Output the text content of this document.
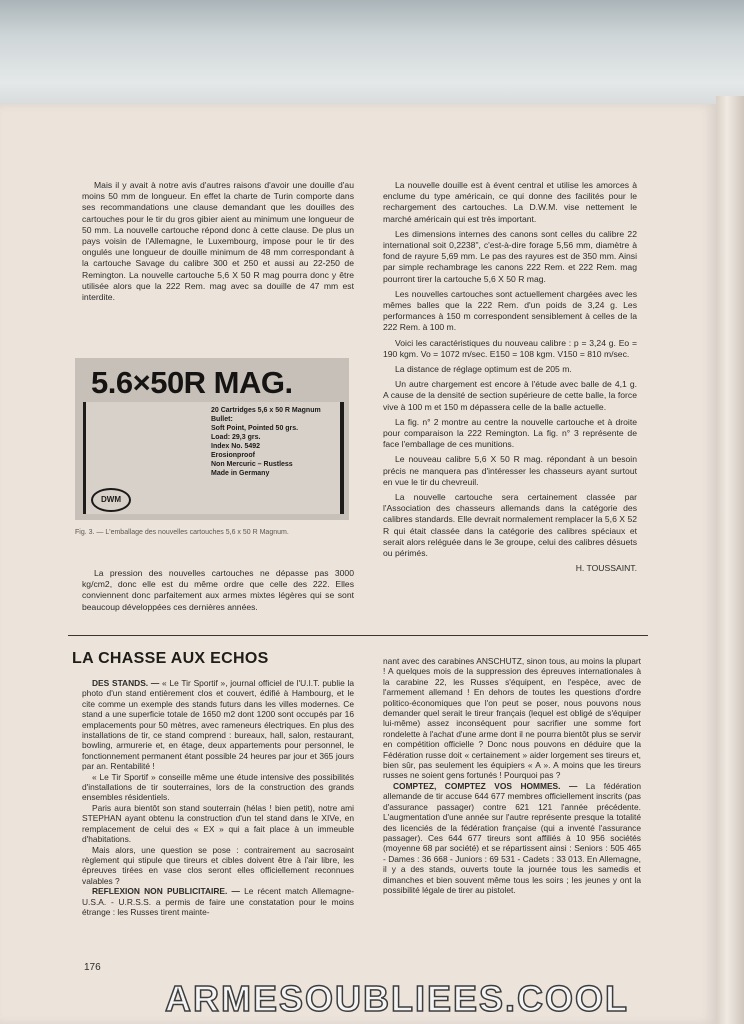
Mais il y avait à notre avis d'autres raisons d'avoir une douille d'au moins 50 mm de longueur. En effet la charte de Turin comporte dans ses recommandations une clause demandant que les douilles des cartouches pour le tir du gros gibier aient au minimum une longueur de 50 mm. La nouvelle cartouche répond donc à cette clause. De plus un pays voisin de l'Allemagne, le Luxembourg, impose pour le tir des ongulés une longueur de douille minimum de 48 mm correspondant à la cartouche Savage du calibre 300 et 250 et aussi au 22-250 de Remington. La nouvelle cartouche 5,6 X 50 R mag pourra donc y être utilisée alors que la 222 Rem. mag avec sa douille de 47 mm est interdite.

5.6×50R MAG.
20 Cartridges 5,6 x 50 R Magnum
Bullet:
Soft Point, Pointed 50 grs.
Load: 29,3 grs.
Index No. 5492
Erosionproof
Non Mercuric – Rustless
Made in Germany
DWM
Fig. 3. — L'emballage des nouvelles cartouches 5,6 x 50 R Magnum.

La pression des nouvelles cartouches ne dépasse pas 3000 kg/cm2, donc elle est du même ordre que celle des 222. Elles conviennent donc parfaitement aux armes mixtes légères qui se sont beaucoup développées ces dernières années.

La nouvelle douille est à évent central et utilise les amorces à enclume du type américain, ce qui donne des facilités pour le rechargement des cartouches. La D.W.M. vise nettement le marché américain qui est très important.

Les dimensions internes des canons sont celles du calibre 22 international soit 0,2238", c'est-à-dire forage 5,56 mm, diamètre à fond de rayure 5,69 mm. Le pas des rayures est de 350 mm. Ainsi par simple rechambrage les canons 222 Rem. et 222 Rem. mag pourront tirer la cartouche 5,6 X 50 R mag.

Les nouvelles cartouches sont actuellement chargées avec les mêmes balles que la 222 Rem. d'un poids de 3,24 g. Les performances à 150 m correspondent sensiblement à celles de la 222 Rem. à 100 m.

Voici les caractéristiques du nouveau calibre : p = 3,24 g. Eo = 190 kgm. Vo = 1072 m/sec. E150 = 108 kgm. V150 = 810 m/sec.

La distance de réglage optimum est de 205 m.

Un autre chargement est encore à l'étude avec balle de 4,1 g. A cause de la densité de section supérieure de cette balle, la force vive à 100 m et 150 m dépassera celle de la balle actuelle.

La fig. n° 2 montre au centre la nouvelle cartouche et à droite pour comparaison la 222 Remington. La fig. n° 3 représente de face l'emballage de ces munitions.

Le nouveau calibre 5,6 X 50 R mag. répondant à un besoin précis ne manquera pas d'intéresser les chasseurs ayant surtout en vue le tir du chevreuil.

La nouvelle cartouche sera certainement classée par l'Association des chasseurs allemands dans la catégorie des calibres standards. Elle devrait normalement remplacer la 5,6 X 52 R qui était classée dans la catégorie des calibres spéciaux et serait alors reléguée dans le 3e groupe, celui des calibres désuets ou périmés.

H. TOUSSAINT.

LA CHASSE AUX ECHOS

DES STANDS. — « Le Tir Sportif », journal officiel de l'U.I.T. publie la photo d'un stand entièrement clos et couvert, édifié à Hambourg, et le cite comme un exemple des stands futurs dans les villes modernes. Ce stand a une superficie totale de 1650 m2 dont 1200 sont occupés par 16 emplacements pour 50 mètres, avec rameneurs électriques. En plus des installations de tir, ce stand comprend : bureaux, hall, salon, restaurant, bowling, armurerie et, en étage, deux appartements pour personnel, le fonctionnement permanent étant possible 24 heures par jour et 365 jours par an. Rentabilité !

« Le Tir Sportif » conseille même une étude intensive des possibilités d'installations de tir souterraines, lors de la construction des grands ensembles résidentiels.

Paris aura bientôt son stand souterrain (hélas ! bien petit), notre ami STEPHAN ayant obtenu la construction d'un tel stand dans le XIVe, en remplacement de celui des « EX » qui a fait place à un immeuble d'habitations.

Mais alors, une question se pose : contrairement au sacrosaint règlement qui stipule que tireurs et cibles doivent être à l'air libre, les épreuves tirées en vase clos seront elles officiellement reconnues valables ?

REFLEXION NON PUBLICITAIRE. — Le récent match Allemagne-U.S.A. - U.R.S.S. a permis de faire une constatation pour le moins étrange : les Russes tirent mainte-

nant avec des carabines ANSCHUTZ, sinon tous, au moins la plupart ! A quelques mois de la suppression des épreuves internationales à la carabine 22, les Russes s'équipent, en l'espèce, avec de l'armement allemand ! En dehors de toutes les questions d'ordre politico-économiques que l'on peut se poser, nous pouvons nous demander quel serait le tireur français (lequel est obligé de s'équiper lui-même) assez inconséquent pour sacrifier une somme fort rondelette à l'achat d'une arme dont il ne pourra bientôt plus se servir en compétition officielle ? Donc nous pouvons en déduire que la Fédération russe doit « certainement » aider lorgement ses tireurs et, bien sûr, pas seulement les équipiers « A ». A moins que les tireurs russes ne soient gens fortunés ! Pourquoi pas ?

COMPTEZ, COMPTEZ VOS HOMMES. — La fédération allemande de tir accuse 644 677 membres officiellement inscrits (pas d'assurance passager) contre 621 121 l'année précédente. L'augmentation d'une année sur l'autre représente presque la totalité des licenciés de la fédération française (qui a inventé l'assurance passager). Ces 644 677 tireurs sont affiliés à 10 956 sociétés (moyenne 68 par société) et se répartissent ainsi : Seniors : 505 465 - Dames : 36 668 - Juniors : 69 531 - Cadets : 33 013. En Allemagne, il y a des stands, ouverts toute la journée tous les samedis et dimanches et bien souvent même tous les soirs ; les jeunes y ont la possibilité légale de tirer au pistolet.

176
ARMESOUBLIEES.COOL
